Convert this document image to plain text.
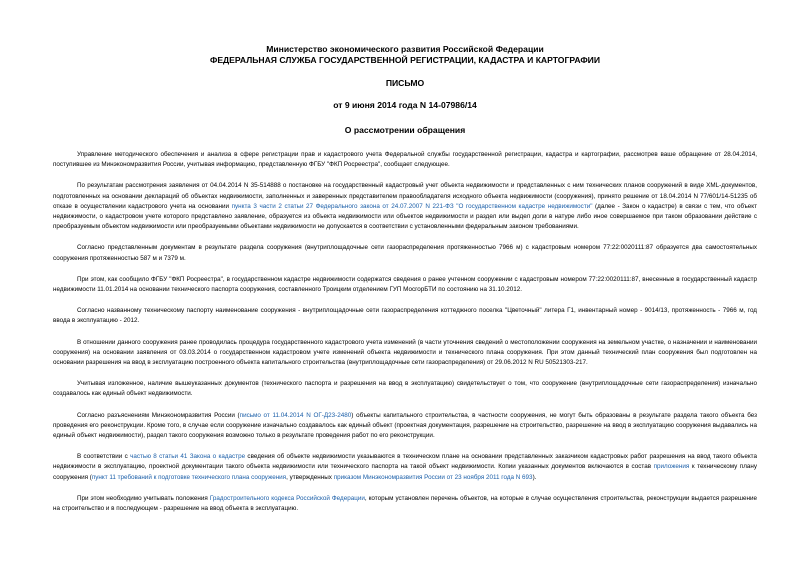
Министерство экономического развития Российской Федерации
ФЕДЕРАЛЬНАЯ СЛУЖБА ГОСУДАРСТВЕННОЙ РЕГИСТРАЦИИ, КАДАСТРА И КАРТОГРАФИИ
ПИСЬМО
от 9 июня 2014 года N 14-07986/14
О рассмотрении обращения

Управление методического обеспечения и анализа в сфере регистрации прав и кадастрового учета Федеральной службы государственной регистрации, кадастра и картографии, рассмотрев ваше обращение от 28.04.2014, поступившее из Минэкономразвития России, учитывая информацию, представленную ФГБУ "ФКП Росреестра", сообщает следующее.

По результатам рассмотрения заявления от 04.04.2014 N 35-514888 о постановке на государственный кадастровый учет объекта недвижимости и представленных с ним технических планов сооружений в виде XML-документов, подготовленных на основании деклараций об объектах недвижимости, заполненных и заверенных представителем правообладателя исходного объекта недвижимости (сооружения), принято решение от 18.04.2014 N 77/601/14-51235 об отказе в осуществлении кадастрового учета на основании пункта 3 части 2 статьи 27 Федерального закона от 24.07.2007 N 221-ФЗ "О государственном кадастре недвижимости" (далее - Закон о кадастре) в связи с тем, что объект недвижимости, о кадастровом учете которого представлено заявление, образуется из объекта недвижимости или объектов недвижимости и раздел или выдел доли в натуре либо иное совершаемое при таком образовании действие с преобразуемым объектом недвижимости или преобразуемыми объектами недвижимости не допускается в соответствии с установленными федеральным законом требованиями.

Согласно представленным документам в результате раздела сооружения (внутриплощадочные сети газораспределения протяженностью 7966 м) с кадастровым номером 77:22:0020111:87 образуется два самостоятельных сооружения протяженностью 587 м и 7379 м.

При этом, как сообщило ФГБУ "ФКП Росреестра", в государственном кадастре недвижимости содержатся сведения о ранее учтенном сооружении с кадастровым номером 77:22:0020111:87, внесенные в государственный кадастр недвижимости 11.01.2014 на основании технического паспорта сооружения, составленного Троицким отделением ГУП МосгорБТИ по состоянию на 31.10.2012.

Согласно названному техническому паспорту наименование сооружения - внутриплощадочные сети газораспределения коттеджного поселка "Цветочный" литера Г1, инвентарный номер - 9014/13, протяженность - 7966 м, год ввода в эксплуатацию - 2012.

В отношении данного сооружения ранее проводилась процедура государственного кадастрового учета изменений (в части уточнения сведений о местоположении сооружения на земельном участке, о назначении и наименовании сооружения) на основании заявления от 03.03.2014 о государственном кадастровом учете изменений объекта недвижимости и технического плана сооружения. При этом данный технический план сооружения был подготовлен на основании разрешения на ввод в эксплуатацию построенного объекта капитального строительства (внутриплощадочные сети газораспределения) от 29.06.2012 N RU 50521303-217.

Учитывая изложенное, наличие вышеуказанных документов (технического паспорта и разрешения на ввод в эксплуатацию) свидетельствует о том, что сооружение (внутриплощадочные сети газораспределения) изначально создавалось как единый объект недвижимости.

Согласно разъяснениям Минэкономразвития России (письмо от 11.04.2014 N ОГ-Д23-2480) объекты капитального строительства, в частности сооружения, не могут быть образованы в результате раздела такого объекта без проведения его реконструкции. Кроме того, в случае если сооружение изначально создавалось как единый объект (проектная документация, разрешение на строительство, разрешение на ввод в эксплуатацию сооружения выдавались на единый объект недвижимости), раздел такого сооружения возможно только в результате проведения работ по его реконструкции.

В соответствии с частью 8 статьи 41 Закона о кадастре сведения об объекте недвижимости указываются в техническом плане на основании представленных заказчиком кадастровых работ разрешения на ввод такого объекта недвижимости в эксплуатацию, проектной документации такого объекта недвижимости или технического паспорта на такой объект недвижимости. Копии указанных документов включаются в состав приложения к техническому плану сооружения (пункт 11 требований к подготовке технического плана сооружения, утвержденных приказом Минэкономразвития России от 23 ноября 2011 года N 693).

При этом необходимо учитывать положения Градостроительного кодекса Российской Федерации, которым установлен перечень объектов, на которые в случае осуществления строительства, реконструкции выдается разрешение на строительство и в последующем - разрешение на ввод объекта в эксплуатацию.
